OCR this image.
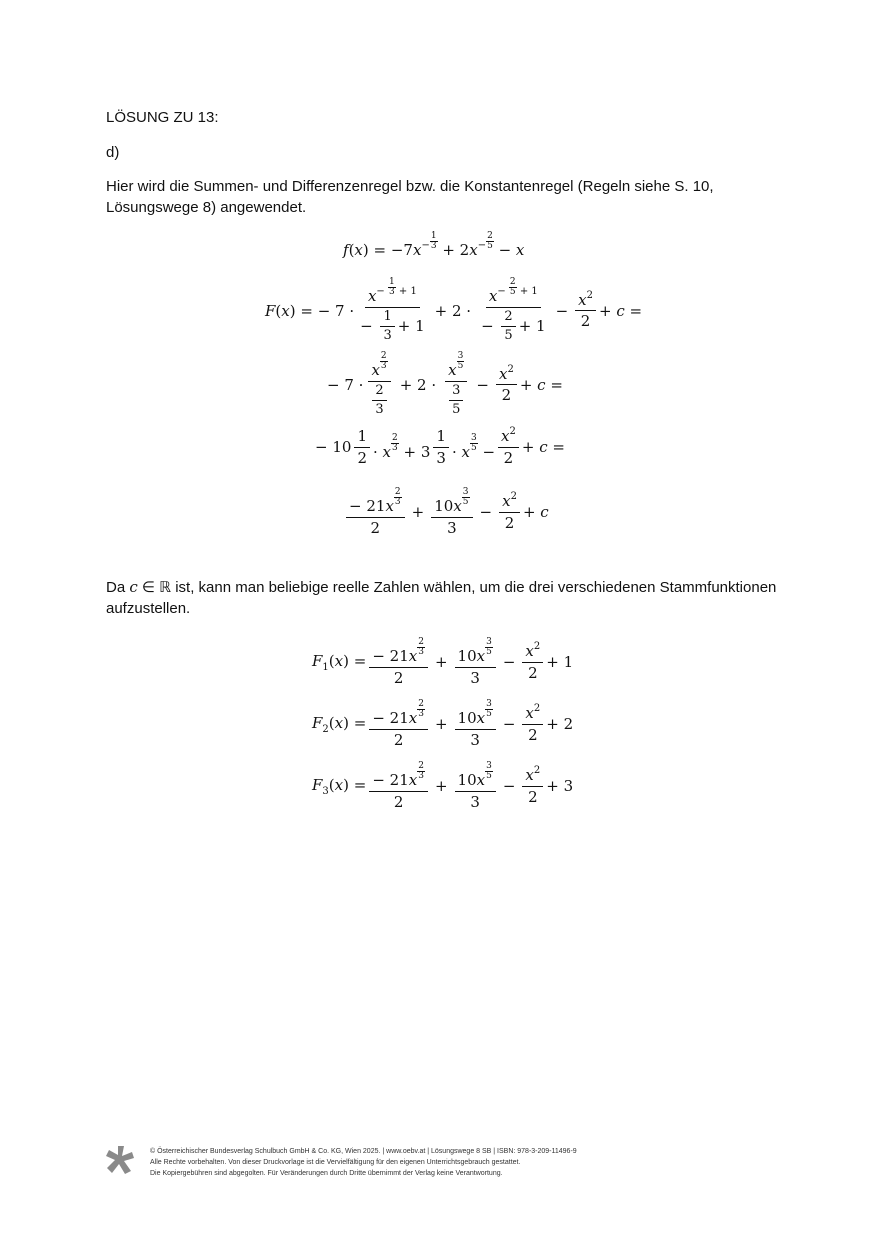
LÖSUNG ZU 13:
d)
Hier wird die Summen- und Differenzenregel bzw. die Konstantenregel (Regeln siehe S. 10, Lösungswege 8) angewendet.
$f(x) = -7x^{- \frac{1}{3}} + 2x^{- \frac{2}{5}} - x$
F(x) = − $7 \cdot x^{- \frac{1}{3} + 1}$
− $\frac{1}{3} + 1 + 2 \cdot x^{- \frac{2}{5} + 1}$
− $\frac{2}{5} + 1 - \frac{x^2}{2} + c$ =
− 7 · x $^{\frac{2}{3}}$
$\frac{2}{3} + 2 \cdot x$ $^{\frac{3}{5}}$
$\frac{3}{5} - \frac{x^2}{2} + c$ =
− $10 \frac{1}{2} \cdot x$ $^{\frac{2}{3}} + 3 \frac{1}{3} \cdot x$ $^{\frac{3}{5}} - \frac{x^2}{2} + c$ =
− 21x $^{\frac{2}{3}}$
2 + 10x $^{\frac{3}{5}}$
$3 - \frac{x^2}{2} + c$
Da c ∈ ℝ ist, kann man beliebige reelle Zahlen wählen, um die drei verschiedenen Stammfunktionen aufzustellen.
$F_1(x)$ = − 21x $^{\frac{2}{3}}$
2 + 10x $^{\frac{3}{5}}$
$3 - \frac{x^2}{2} + 1$
$F_2(x)$ = − 21x $^{\frac{2}{3}}$
2 + 10x $^{\frac{3}{5}}$
$3 - \frac{x^2}{2} + 2$
$F_3(x)$ = − 21x $^{\frac{2}{3}}$
2 + 10x $^{\frac{3}{5}}$
$3 - \frac{x^2}{2} + 3$
© Österreichischer Bundesverlag Schulbuch GmbH & Co. KG, Wien 2025. | www.oebv.at | Lösungswege 8 SB | ISBN: 978-3-209-11496-9
Alle Rechte vorbehalten. Von dieser Druckvorlage ist die Vervielfältigung für den eigenen Unterrichtsgebrauch gestattet.
Die Kopiergebühren sind abgegolten. Für Veränderungen durch Dritte übernimmt der Verlag keine Verantwortung.
